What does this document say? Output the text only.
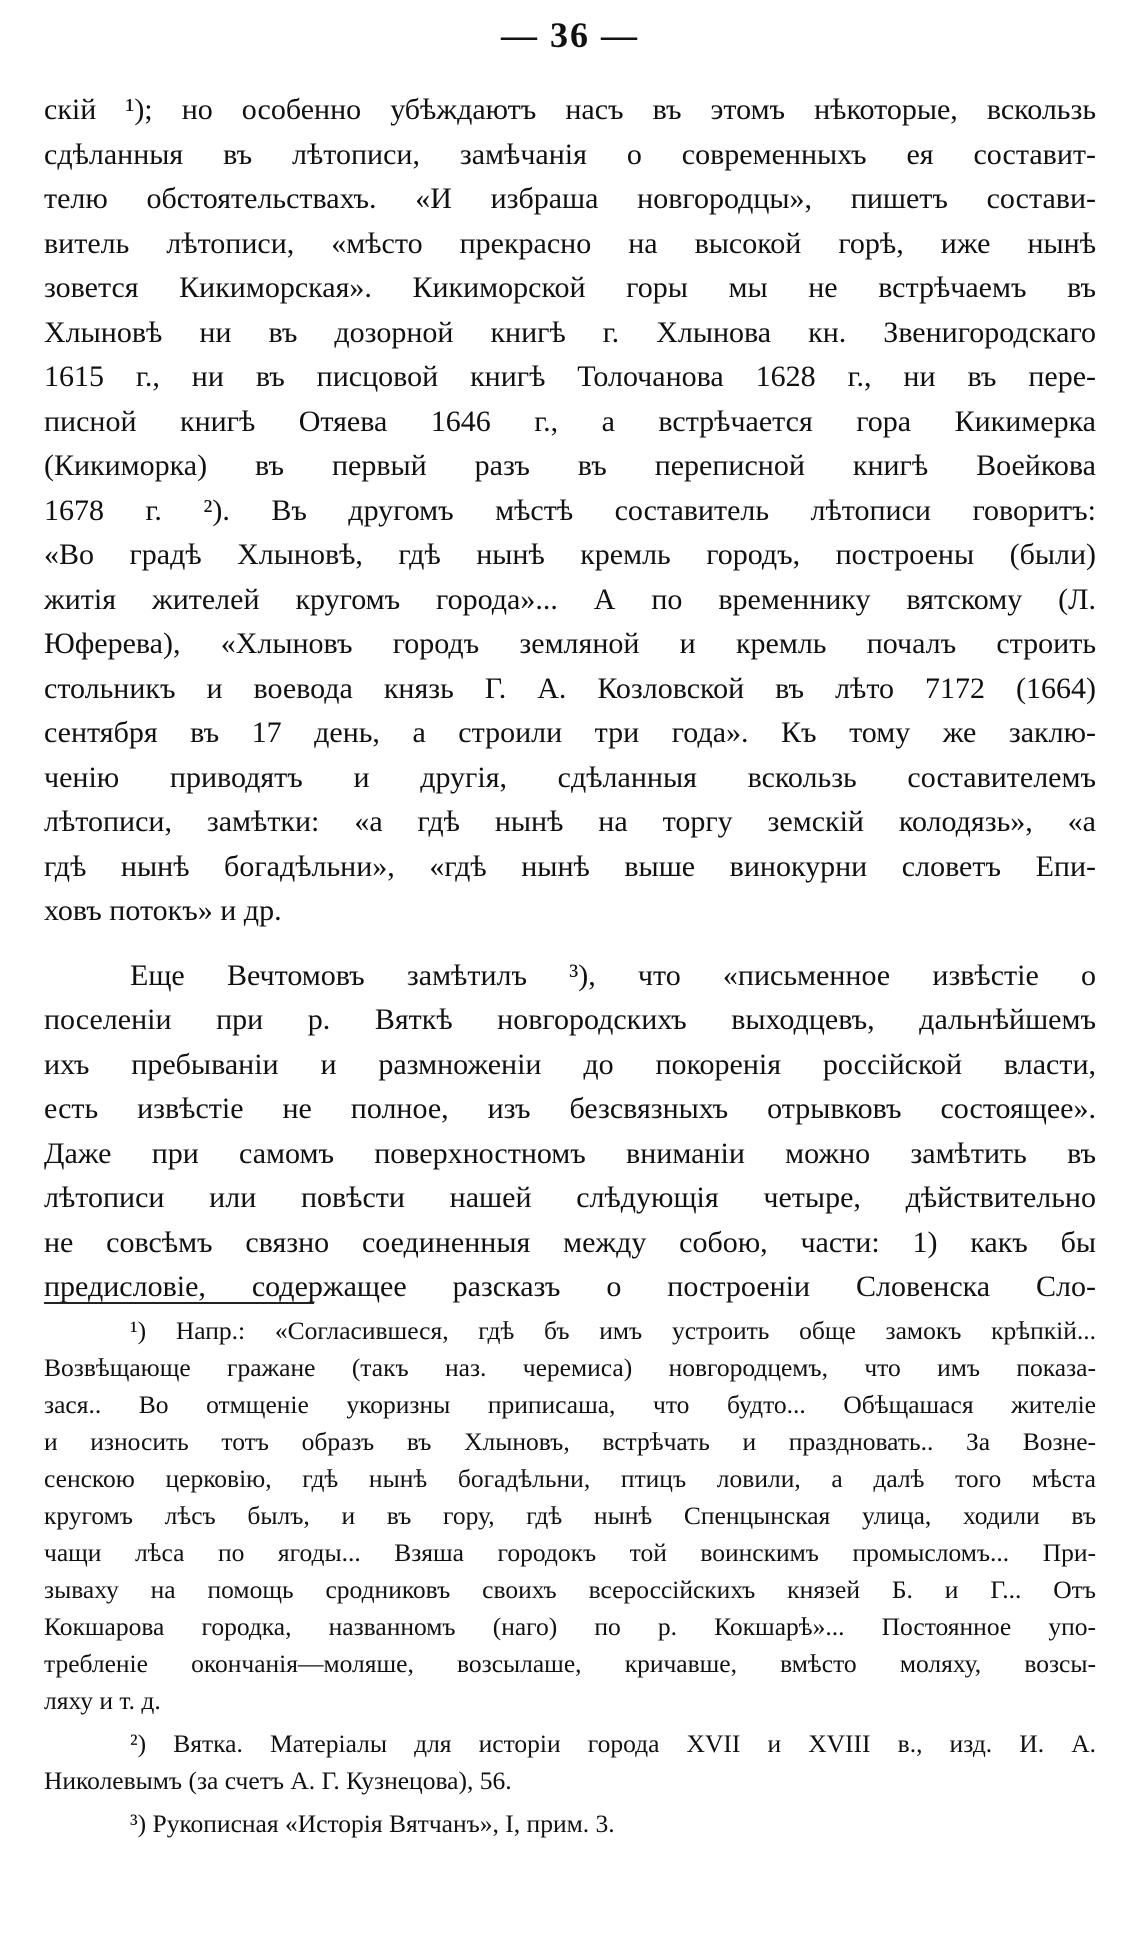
— 36 —
скій ¹); но особенно убѣждаютъ насъ въ этомъ нѣкоторые, вскользь
сдѣланныя въ лѣтописи, замѣчанія о современныхъ ея составит-
телю обстоятельствахъ. «И избраша новгородцы», пишетъ состави-
витель лѣтописи, «мѣсто прекрасно на высокой горѣ, иже нынѣ
зовется Кикиморская». Кикиморской горы мы не встрѣчаемъ въ
Хлыновѣ ни въ дозорной книгѣ г. Хлынова кн. Звенигородскаго
1615 г., ни въ писцовой книгѣ Толочанова 1628 г., ни въ пере-
писной книгѣ Отяева 1646 г., а встрѣчается гора Кикимерка
(Кикиморка) въ первый разъ въ переписной книгѣ Воейкова
1678 г. ²). Въ другомъ мѣстѣ составитель лѣтописи говоритъ:
«Во градѣ Хлыновѣ, гдѣ нынѣ кремль городъ, построены (были)
житія жителей кругомъ города»... А по временнику вятскому (Л.
Юферева), «Хлыновъ городъ земляной и кремль почалъ строить
стольникъ и воевода князь Г. А. Козловской въ лѣто 7172 (1664)
сентября въ 17 день, а строили три года». Къ тому же заклю-
ченію приводятъ и другія, сдѣланныя вскользь составителемъ
лѣтописи, замѣтки: «а гдѣ нынѣ на торгу земскій колодязь», «а
гдѣ нынѣ богадѣльни», «гдѣ нынѣ выше винокурни словетъ Епи-
ховъ потокъ» и др.
Еще Вечтомовъ замѣтилъ ³), что «письменное извѣстіе о
поселеніи при р. Вяткѣ новгородскихъ выходцевъ, дальнѣйшемъ
ихъ пребываніи и размноженіи до покоренія россійской власти,
есть извѣстіе не полное, изъ безсвязныхъ отрывковъ состоящее».
Даже при самомъ поверхностномъ вниманіи можно замѣтить въ
лѣтописи или повѣсти нашей слѣдующія четыре, дѣйствительно
не совсѣмъ связно соединенныя между собою, части: 1) какъ бы
предисловіе, содержащее разсказъ о построеніи Словенска Сло-
¹) Напр.: «Согласившеся, гдѣ бъ имъ устроить обще замокъ крѣпкій...
Возвѣщающе гражане (такъ наз. черемиса) новгородцемъ, что имъ показа-
зася.. Во отмщеніе укоризны приписаша, что будто... Обѣщашася жителіе
и износить тотъ образъ въ Хлыновъ, встрѣчать и праздновать.. За Возне-
сенскою церковію, гдѣ нынѣ богадѣльни, птицъ ловили, а далѣ того мѣста
кругомъ лѣсъ былъ, и въ гору, гдѣ нынѣ Спенцынская улица, ходили въ
чащи лѣса по ягоды... Взяша городокъ той воинскимъ промысломъ... При-
зываху на помощь сродниковъ своихъ всероссійскихъ князей Б. и Г... Отъ
Кокшарова городка, названномъ (наго) по р. Кокшарѣ»... Постоянное упо-
требленіе окончанія—моляше, возсылаше, кричавше, вмѣсто моляху, возсы-
ляху и т. д.
²) Вятка. Матеріалы для исторіи города XVII и XVIII в., изд. И. А.
Николевымъ (за счетъ А. Г. Кузнецова), 56.
³) Рукописная «Исторія Вятчанъ», I, прим. 3.
